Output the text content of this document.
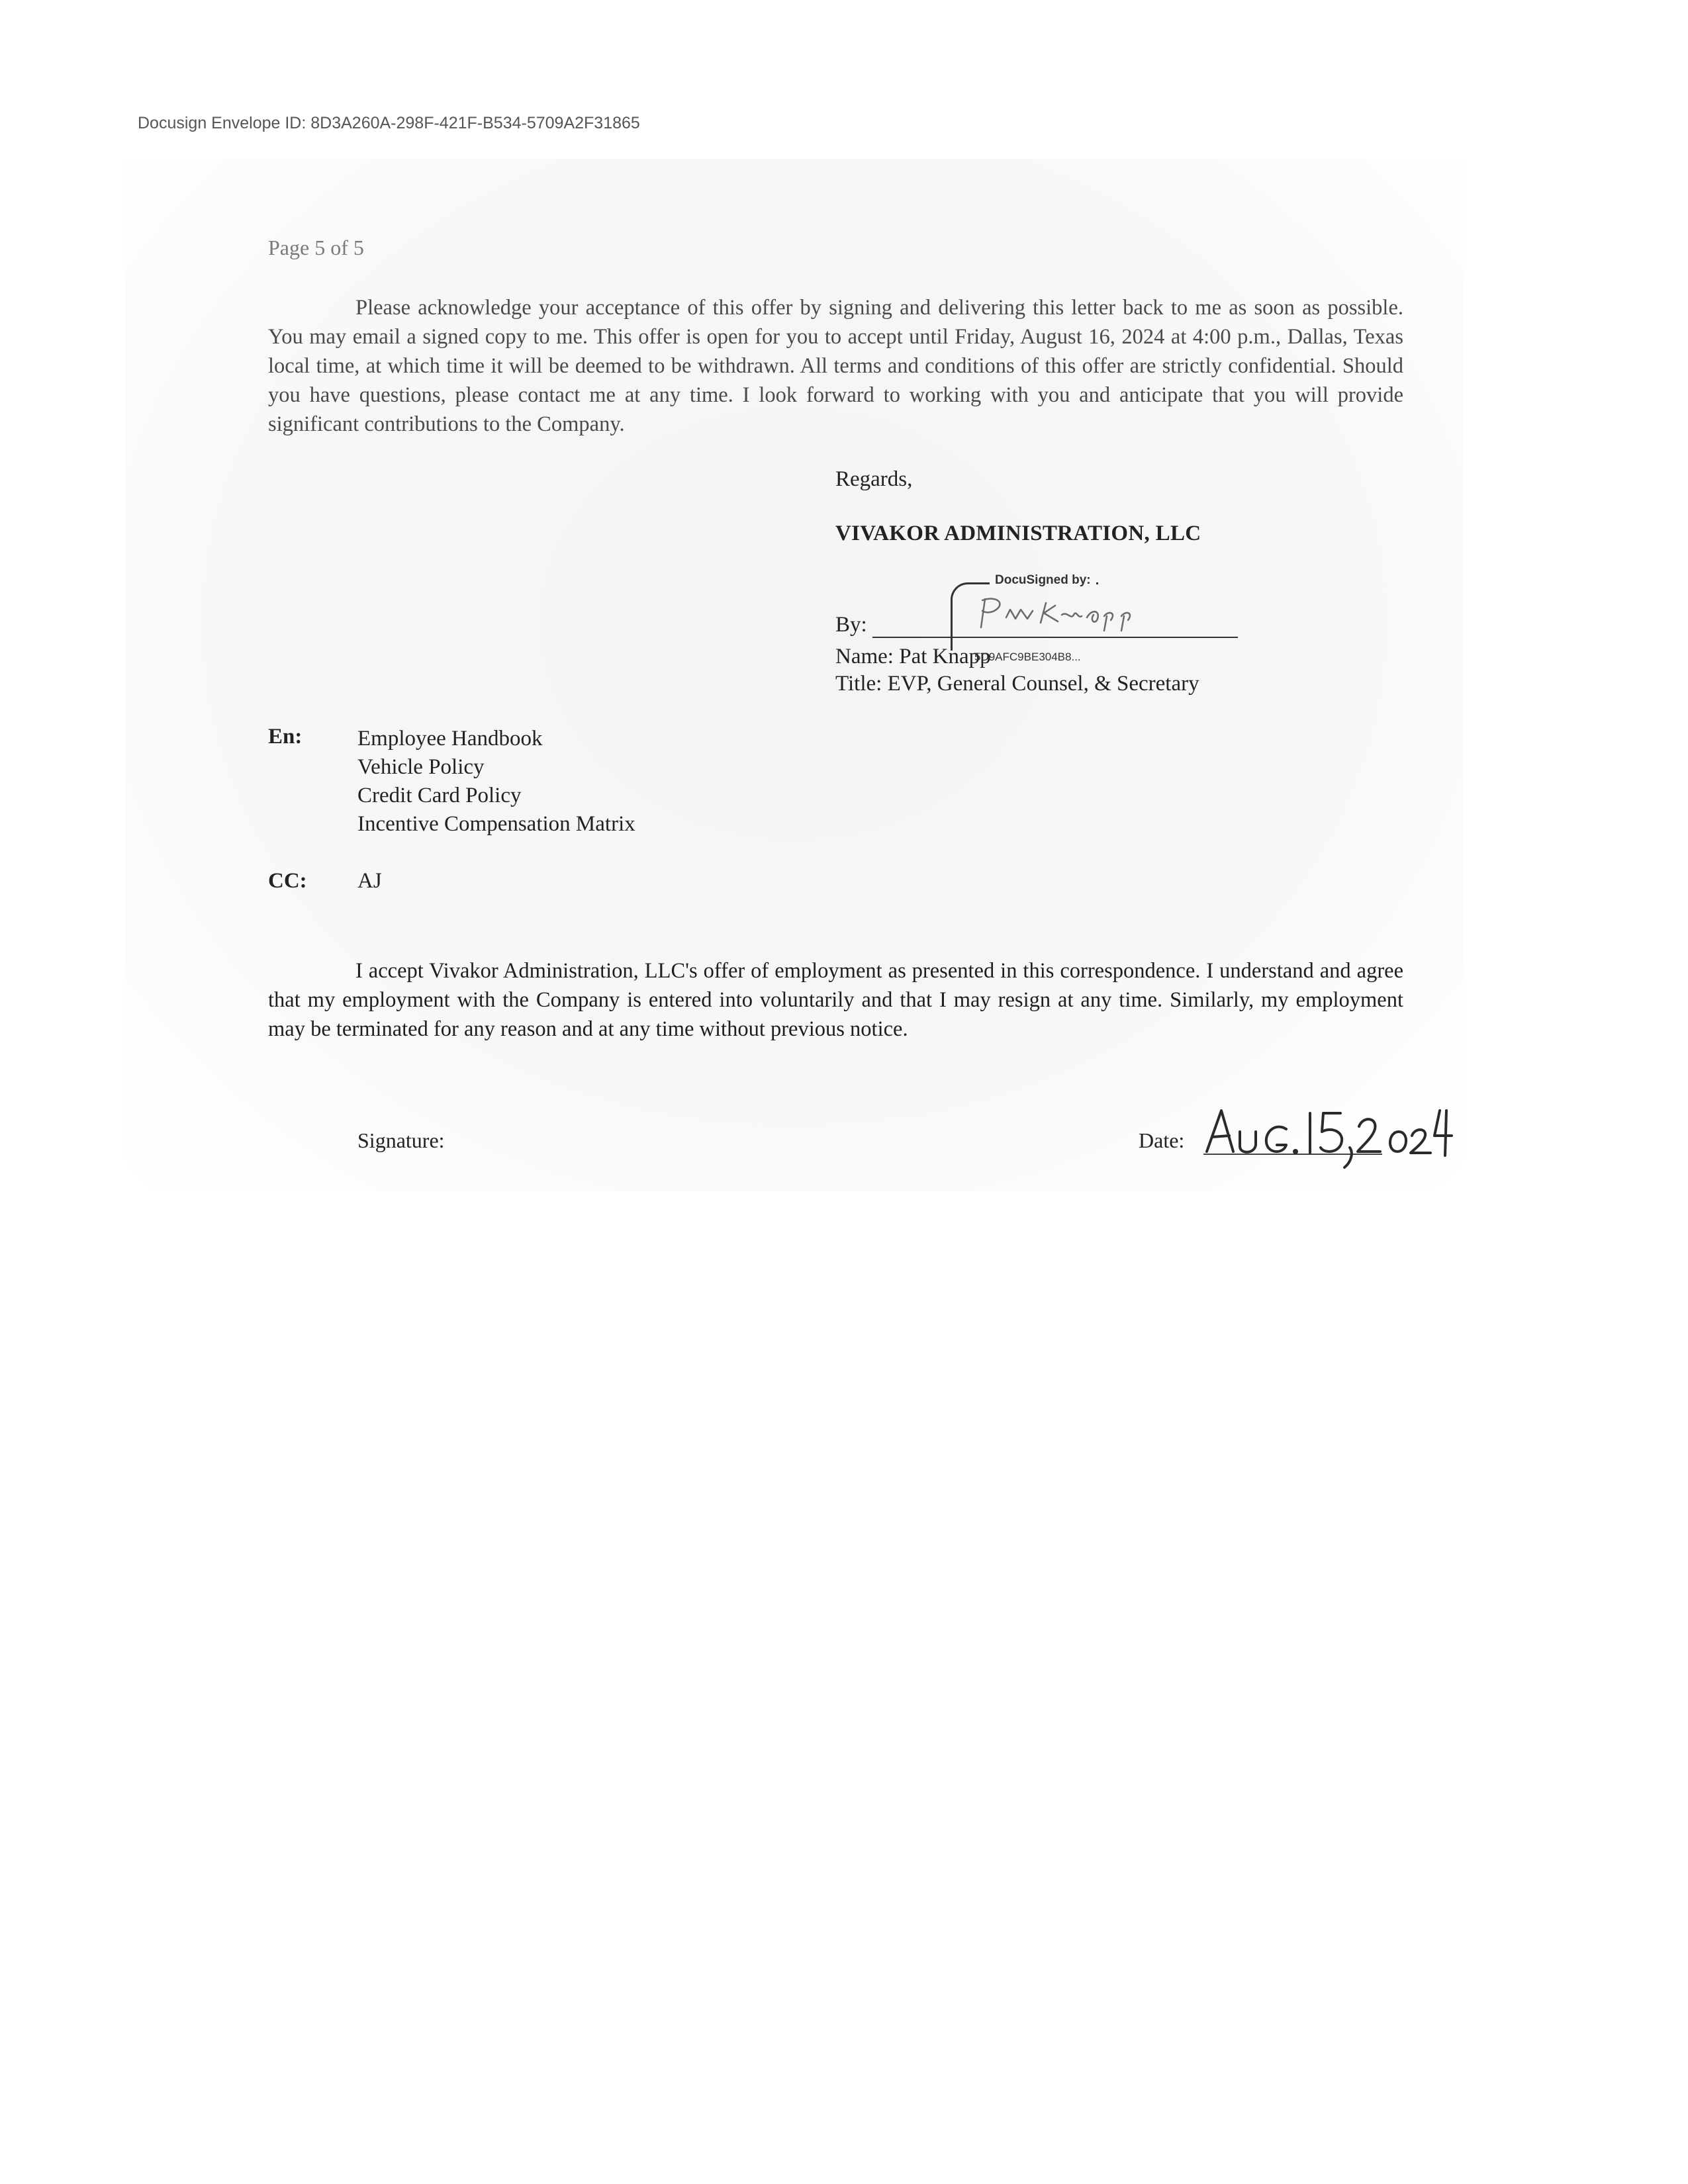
Docusign Envelope ID: 8D3A260A-298F-421F-B534-5709A2F31865
Page 5 of 5

Please acknowledge your acceptance of this offer by signing and delivering this letter back to me as soon as possible. You may email a signed copy to me. This offer is open for you to accept until Friday, August 16, 2024 at 4:00 p.m., Dallas, Texas local time, at which time it will be deemed to be withdrawn. All terms and conditions of this offer are strictly confidential. Should you have questions, please contact me at any time. I look forward to working with you and anticipate that you will provide significant contributions to the Company.

Regards,
VIVAKOR ADMINISTRATION, LLC
DocuSigned by:
By:
Name: Pat Knapp
5D9AFC9BE304B8...
Title: EVP, General Counsel, & Secretary
En:	Employee Handbook
Vehicle Policy
Credit Card Policy
Incentive Compensation Matrix
CC: AJ

I accept Vivakor Administration, LLC's offer of employment as presented in this correspondence. I understand and agree that my employment with the Company is entered into voluntarily and that I may resign at any time. Similarly, my employment may be terminated for any reason and at any time without previous notice.

Signature:	Date:
